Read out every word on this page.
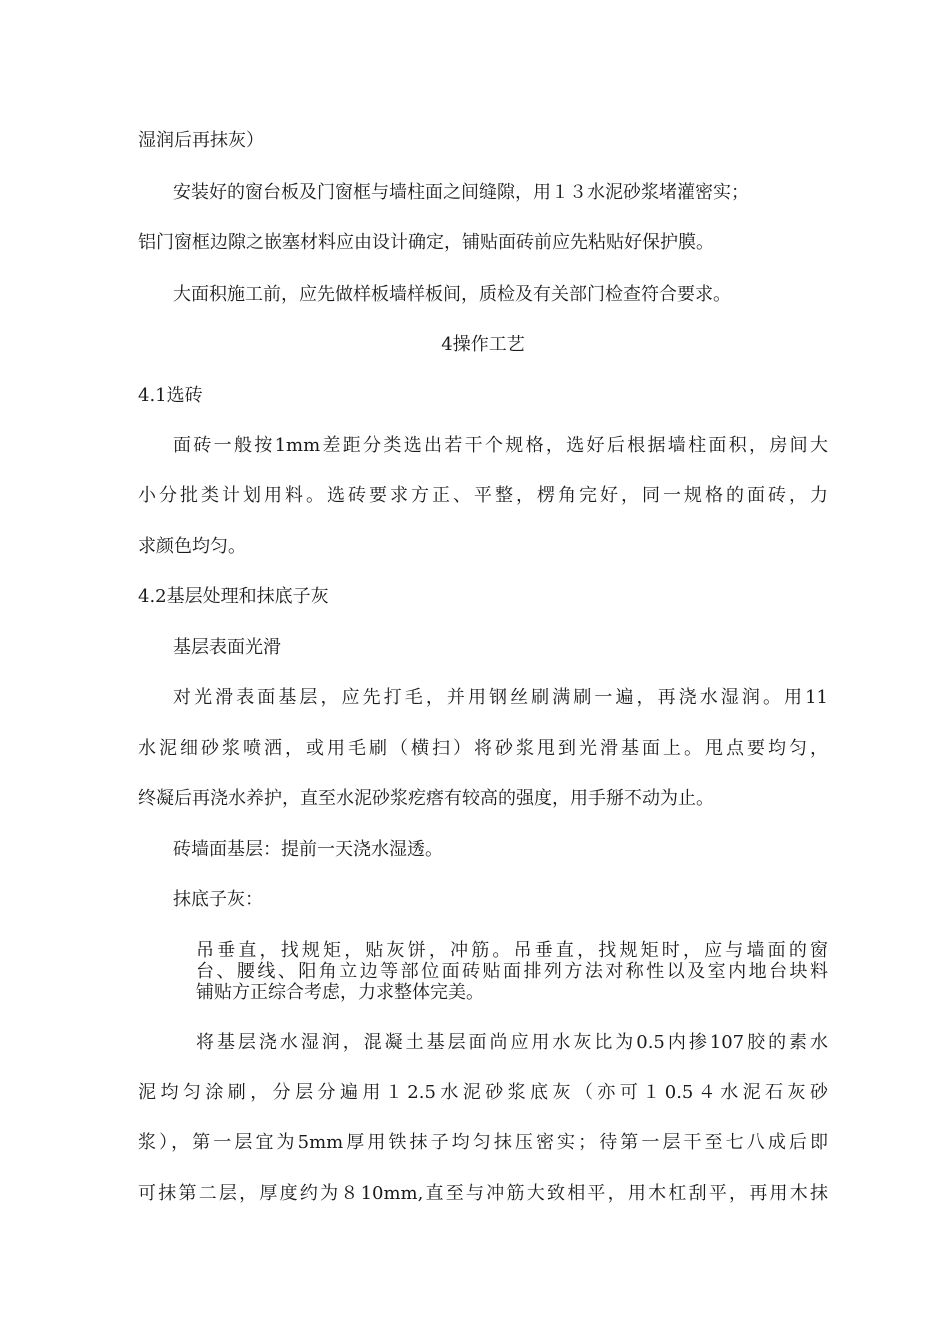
湿润后再抹灰）
安装好的窗台板及门窗框与墙柱面之间缝隙，用１３水泥砂浆堵灌密实；
铝门窗框边隙之嵌塞材料应由设计确定，铺贴面砖前应先粘贴好保护膜。
大面积施工前，应先做样板墙样板间，质检及有关部门检查符合要求。
4操作工艺
4.1选砖
面砖一般按1mm差距分类选出若干个规格，选好后根据墙柱面积，房间大
小分批类计划用料。选砖要求方正、平整，楞角完好，同一规格的面砖，力
求颜色均匀。
4.2基层处理和抹底子灰
基层表面光滑
对光滑表面基层，应先打毛，并用钢丝刷满刷一遍，再浇水湿润。用11
水泥细砂浆喷洒，或用毛刷（横扫）将砂浆甩到光滑基面上。甩点要均匀，
终凝后再浇水养护，直至水泥砂浆疙瘩有较高的强度，用手掰不动为止。
砖墙面基层：提前一天浇水湿透。
抹底子灰：
吊垂直，找规矩，贴灰饼，冲筋。吊垂直，找规矩时，应与墙面的窗
台、腰线、阳角立边等部位面砖贴面排列方法对称性以及室内地台块料
铺贴方正综合考虑，力求整体完美。
将基层浇水湿润，混凝土基层面尚应用水灰比为0.5内掺107胶的素水
泥均匀涂刷，分层分遍用１2.5水泥砂浆底灰（亦可１0.5４水泥石灰砂
浆），第一层宜为5mm厚用铁抹子均匀抹压密实；待第一层干至七八成后即
可抹第二层，厚度约为８10mm,直至与冲筋大致相平，用木杠刮平，再用木抹
